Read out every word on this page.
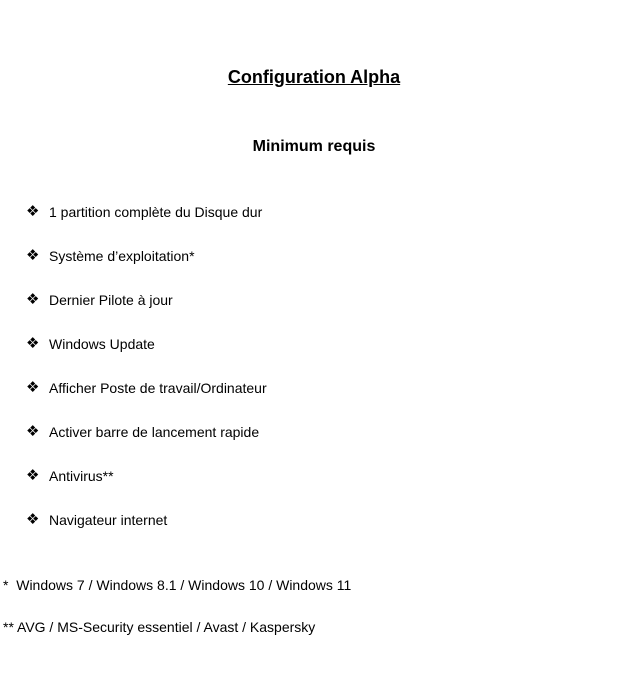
Configuration Alpha
Minimum requis
❖ 1 partition complète du Disque dur
❖ Système d’exploitation*
❖ Dernier Pilote à jour
❖ Windows Update
❖ Afficher Poste de travail/Ordinateur
❖ Activer barre de lancement rapide
❖ Antivirus**
❖ Navigateur internet

*  Windows 7 / Windows 8.1 / Windows 10 / Windows 11

** AVG / MS-Security essentiel / Avast / Kaspersky
